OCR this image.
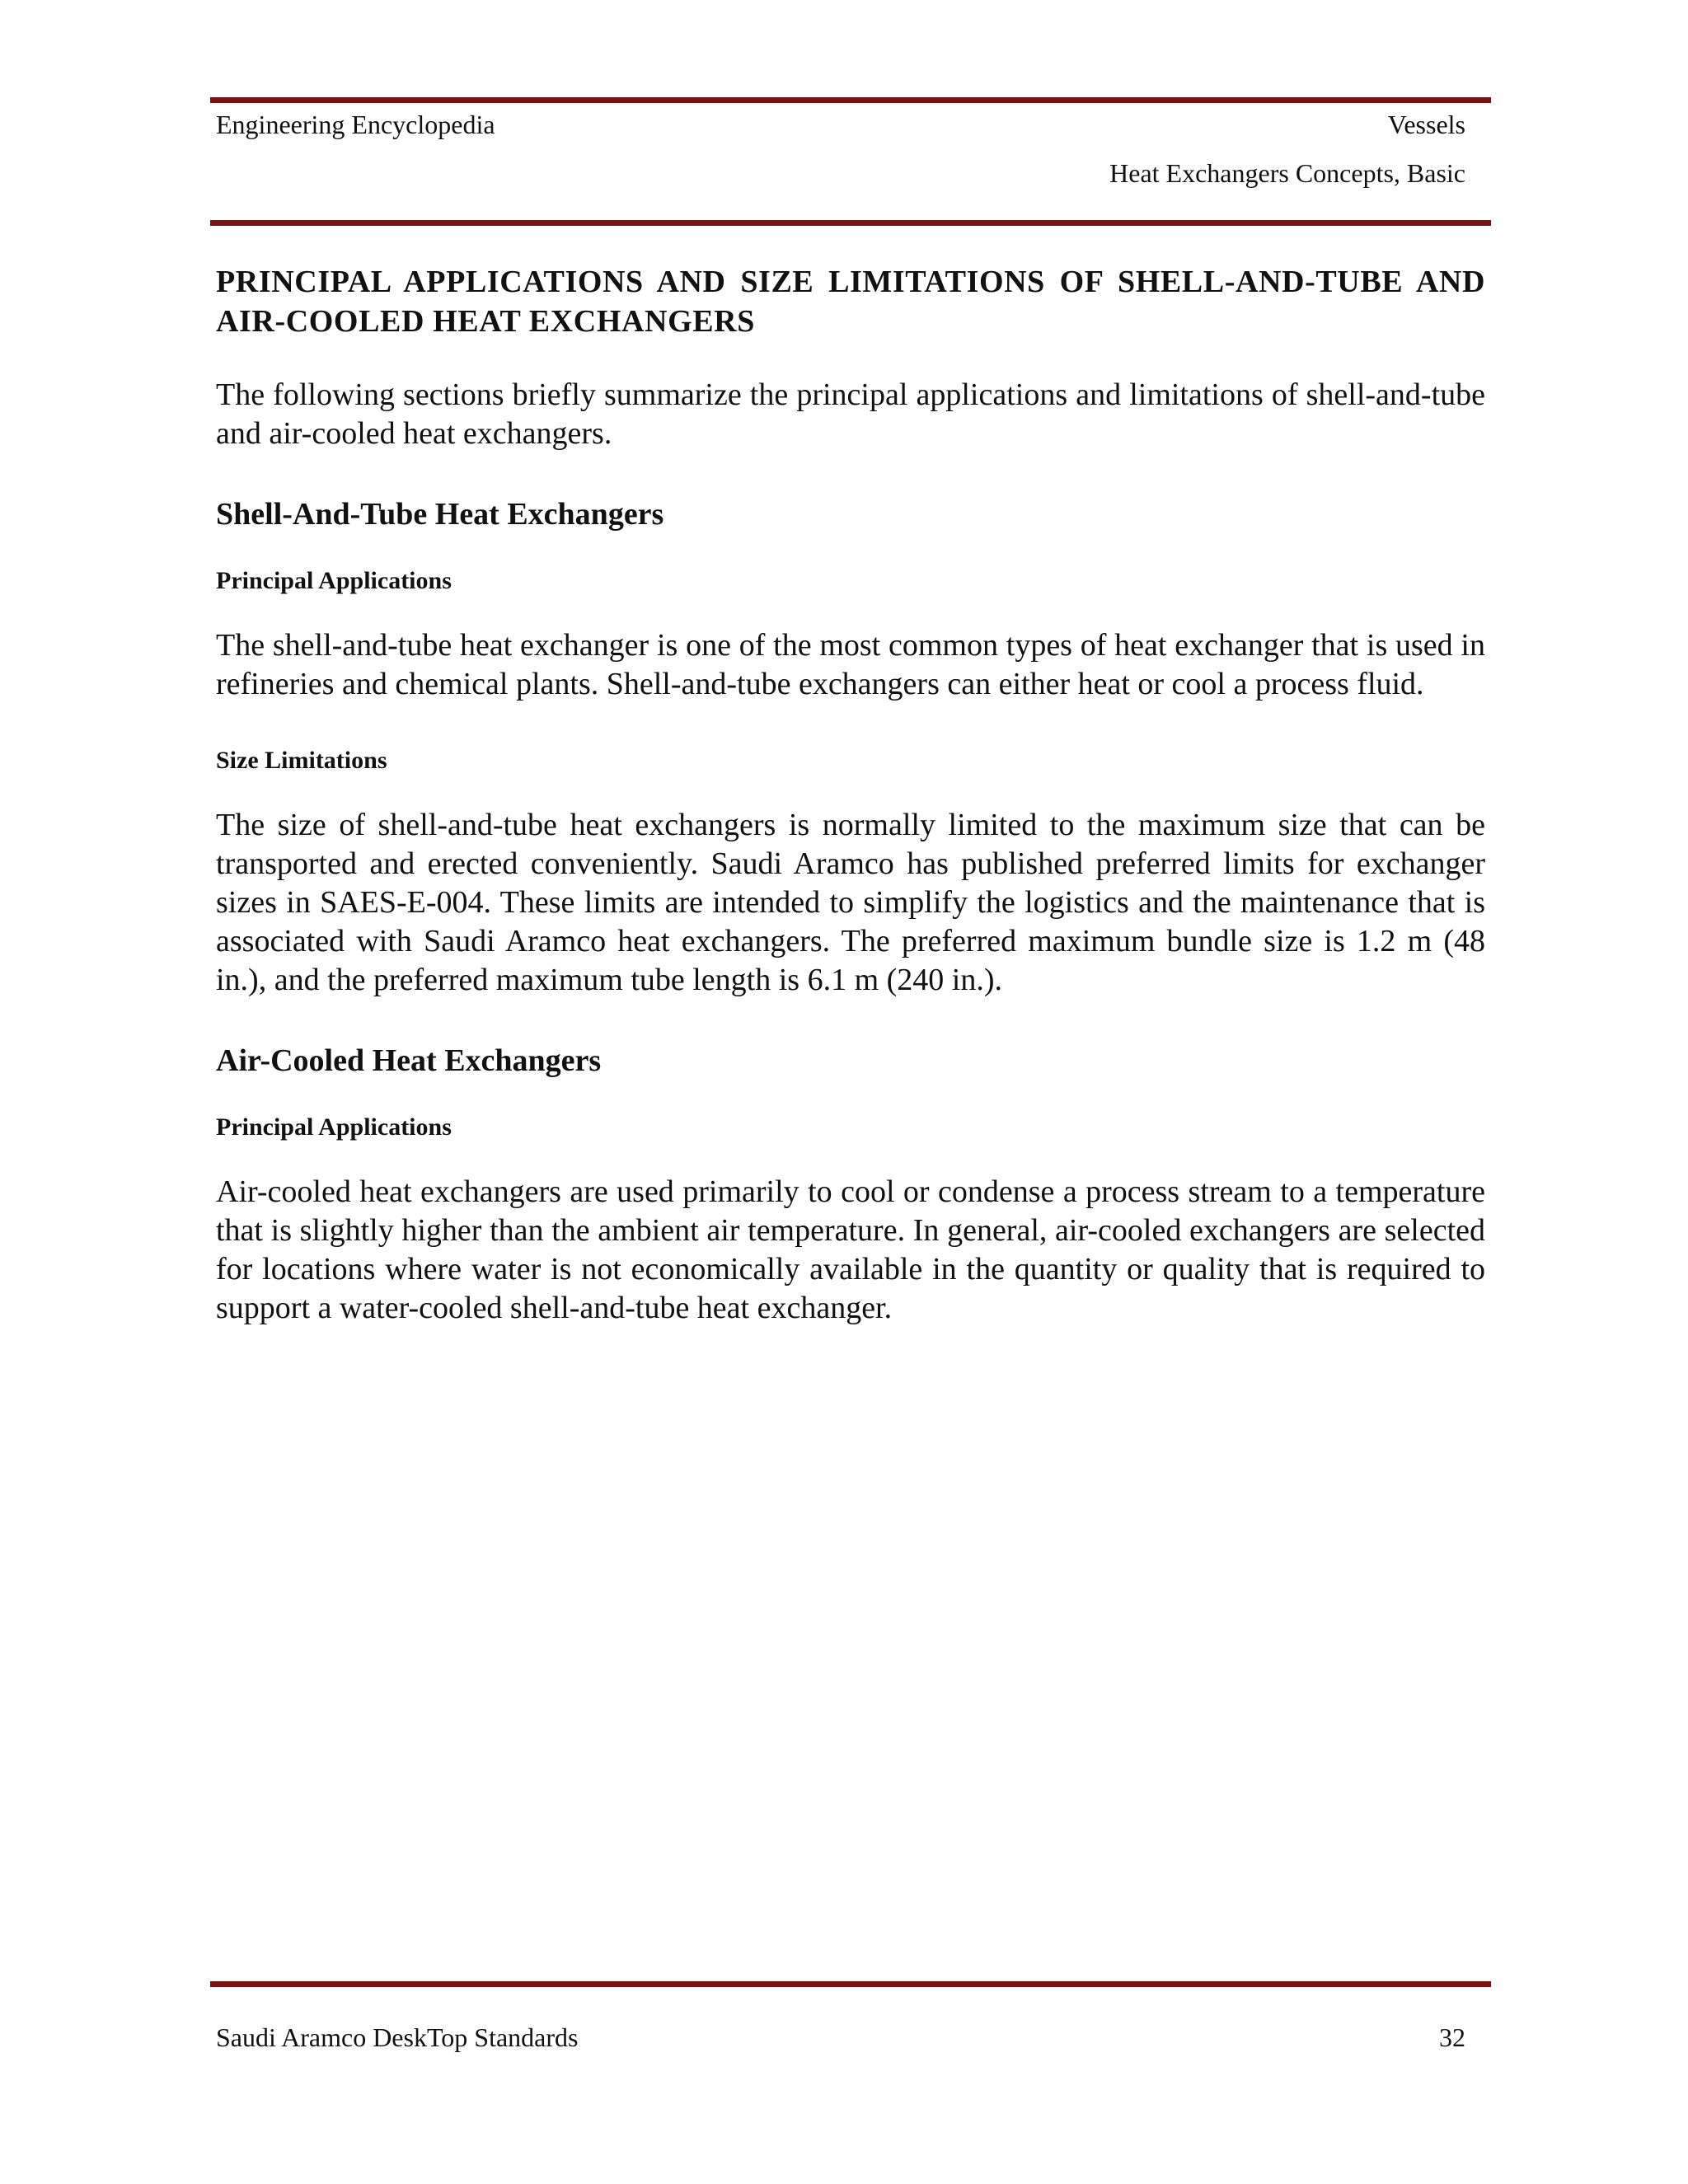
Engineering Encyclopedia	Vessels
Heat Exchangers Concepts, Basic
PRINCIPAL APPLICATIONS AND SIZE LIMITATIONS OF SHELL-AND-TUBE AND AIR-COOLED HEAT EXCHANGERS

The following sections briefly summarize the principal applications and limitations of shell-and-tube and air-cooled heat exchangers.

Shell-And-Tube Heat Exchangers
Principal Applications

The shell-and-tube heat exchanger is one of the most common types of heat exchanger that is used in refineries and chemical plants. Shell-and-tube exchangers can either heat or cool a process fluid.

Size Limitations

The size of shell-and-tube heat exchangers is normally limited to the maximum size that can be transported and erected conveniently. Saudi Aramco has published preferred limits for exchanger sizes in SAES-E-004. These limits are intended to simplify the logistics and the maintenance that is associated with Saudi Aramco heat exchangers. The preferred maximum bundle size is 1.2 m (48 in.), and the preferred maximum tube length is 6.1 m (240 in.).

Air-Cooled Heat Exchangers
Principal Applications

Air-cooled heat exchangers are used primarily to cool or condense a process stream to a temperature that is slightly higher than the ambient air temperature. In general, air-cooled exchangers are selected for locations where water is not economically available in the quantity or quality that is required to support a water-cooled shell-and-tube heat exchanger.

Saudi Aramco DeskTop Standards	32
